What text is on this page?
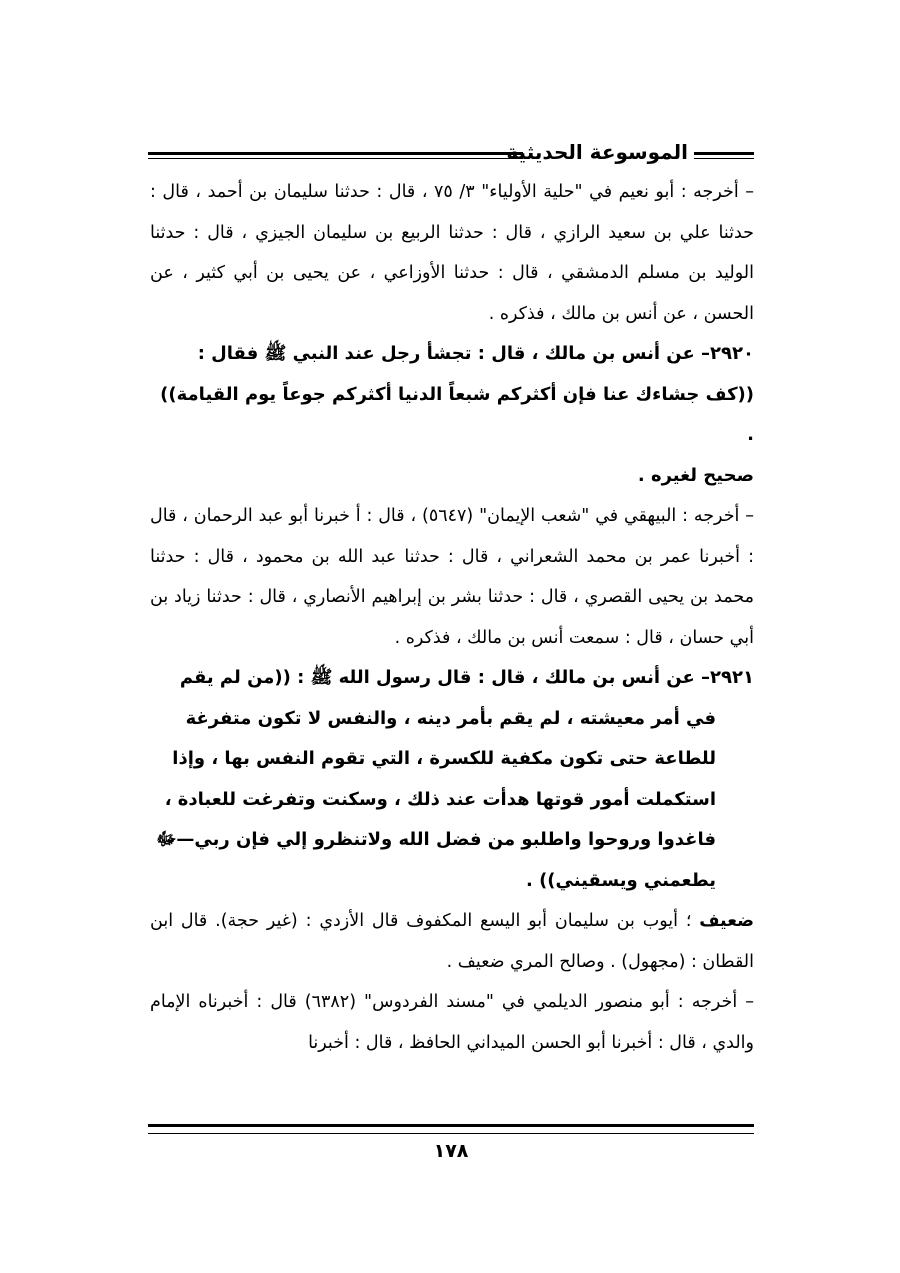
الموسوعة الحديثية

– أخرجه : أبو نعيم في "حلية الأولياء" ٣/ ٧٥ ، قال : حدثنا سليمان بن أحمد ، قال : حدثنا علي بن سعيد الرازي ، قال : حدثنا الربيع بن سليمان الجيزي ، قال : حدثنا الوليد بن مسلم الدمشقي ، قال : حدثنا الأوزاعي ، عن يحيى بن أبي كثير ، عن الحسن ، عن أنس بن مالك ، فذكره .

٢٩٢٠– عن أنس بن مالك ، قال : تجشأ رجل عند النبي ﷺ فقال : ((كف جشاءك عنا فإن أكثركم شبعاً الدنيا أكثركم جوعاً يوم القيامة)) .

صحيح لغيره .

– أخرجه : البيهقي في "شعب الإيمان" (٥٦٤٧) ، قال : أ خبرنا أبو عبد الرحمان ، قال : أخبرنا عمر بن محمد الشعراني ، قال : حدثنا عبد الله بن محمود ، قال : حدثنا محمد بن يحيى القصري ، قال : حدثنا بشر بن إبراهيم الأنصاري ، قال : حدثنا زياد بن أبي حسان ، قال : سمعت أنس بن مالك ، فذكره .

٢٩٢١– عن أنس بن مالك ، قال : قال رسول الله ﷺ : ((من لم يقم

في أمر معيشته ، لم يقم بأمر دينه ، والنفس لا تكون متفرغة للطاعة حتى تكون مكفية للكسرة ، التي تقوم النفس بها ، وإذا استكملت أمور قوتها هدأت عند ذلك ، وسكنت وتفرغت للعبادة ، فاغدوا وروحوا واطلبو من فضل الله ولاتنظرو إلي فإن ربي—ﷻ يطعمني ويسقيني)) .

ضعيف ؛ أيوب بن سليمان أبو اليسع المكفوف قال الأزدي : (غير حجة). قال ابن القطان : (مجهول) . وصالح المري ضعيف .

– أخرجه : أبو منصور الديلمي في "مسند الفردوس" (٦٣٨٢) قال : أخبرناه الإمام والدي ، قال : أخبرنا أبو الحسن الميداني الحافظ ، قال : أخبرنا

١٧٨
